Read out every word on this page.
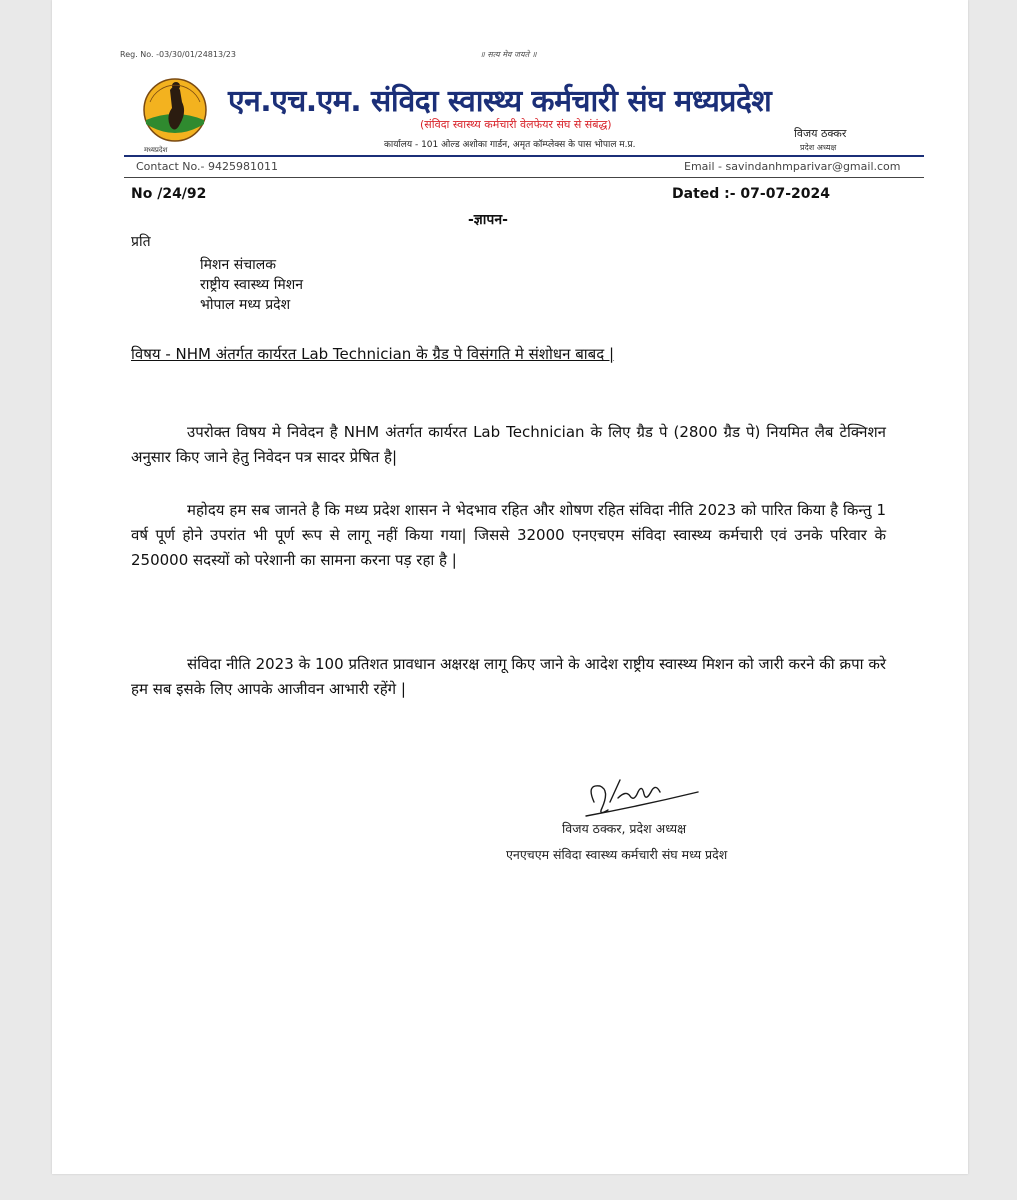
Reg. No. -03/30/01/24813/23	॥ सत्य मेव जयते ॥
मध्यप्रदेश
एन.एच.एम. संविदा स्वास्थ्य कर्मचारी संघ मध्यप्रदेश
(संविदा स्वास्थ्य कर्मचारी वेलफेयर संघ से संबंद्ध)
कार्यालय - 101 ओल्ड अशोका गार्डन, अमृत कॉम्प्लेक्स के पास भोपाल म.प्र.
विजय ठक्कर
प्रदेश अध्यक्ष
Contact No.- 9425981011	Email - savindanhmparivar@gmail.com
No /24/92	Dated :- 07-07-2024
-ज्ञापन-
प्रति
मिशन संचालक
राष्ट्रीय स्वास्थ्य मिशन
भोपाल मध्य प्रदेश
विषय - NHM अंतर्गत कार्यरत Lab Technician के ग्रैड पे विसंगति मे संशोधन बाबद |

उपरोक्त विषय मे निवेदन है NHM अंतर्गत कार्यरत Lab Technician के लिए ग्रैड पे (2800 ग्रैड पे) नियमित लैब टेक्निशन अनुसार किए जाने हेतु निवेदन पत्र सादर प्रेषित है|

महोदय हम सब जानते है कि मध्य प्रदेश शासन ने भेदभाव रहित और शोषण रहित संविदा नीति 2023 को पारित किया है किन्तु 1 वर्ष पूर्ण होने उपरांत भी पूर्ण रूप से लागू नहीं किया गया| जिससे 32000 एनएचएम संविदा स्वास्थ्य कर्मचारी एवं उनके परिवार के 250000 सदस्यों को परेशानी का सामना करना पड़ रहा है |

संविदा नीति 2023 के 100 प्रतिशत प्रावधान अक्षरक्ष लागू किए जाने के आदेश राष्ट्रीय स्वास्थ्य मिशन को जारी करने की क्रपा करे हम सब इसके लिए आपके आजीवन आभारी रहेंगे |

विजय ठक्कर, प्रदेश अध्यक्ष
एनएचएम संविदा स्वास्थ्य कर्मचारी संघ मध्य प्रदेश
